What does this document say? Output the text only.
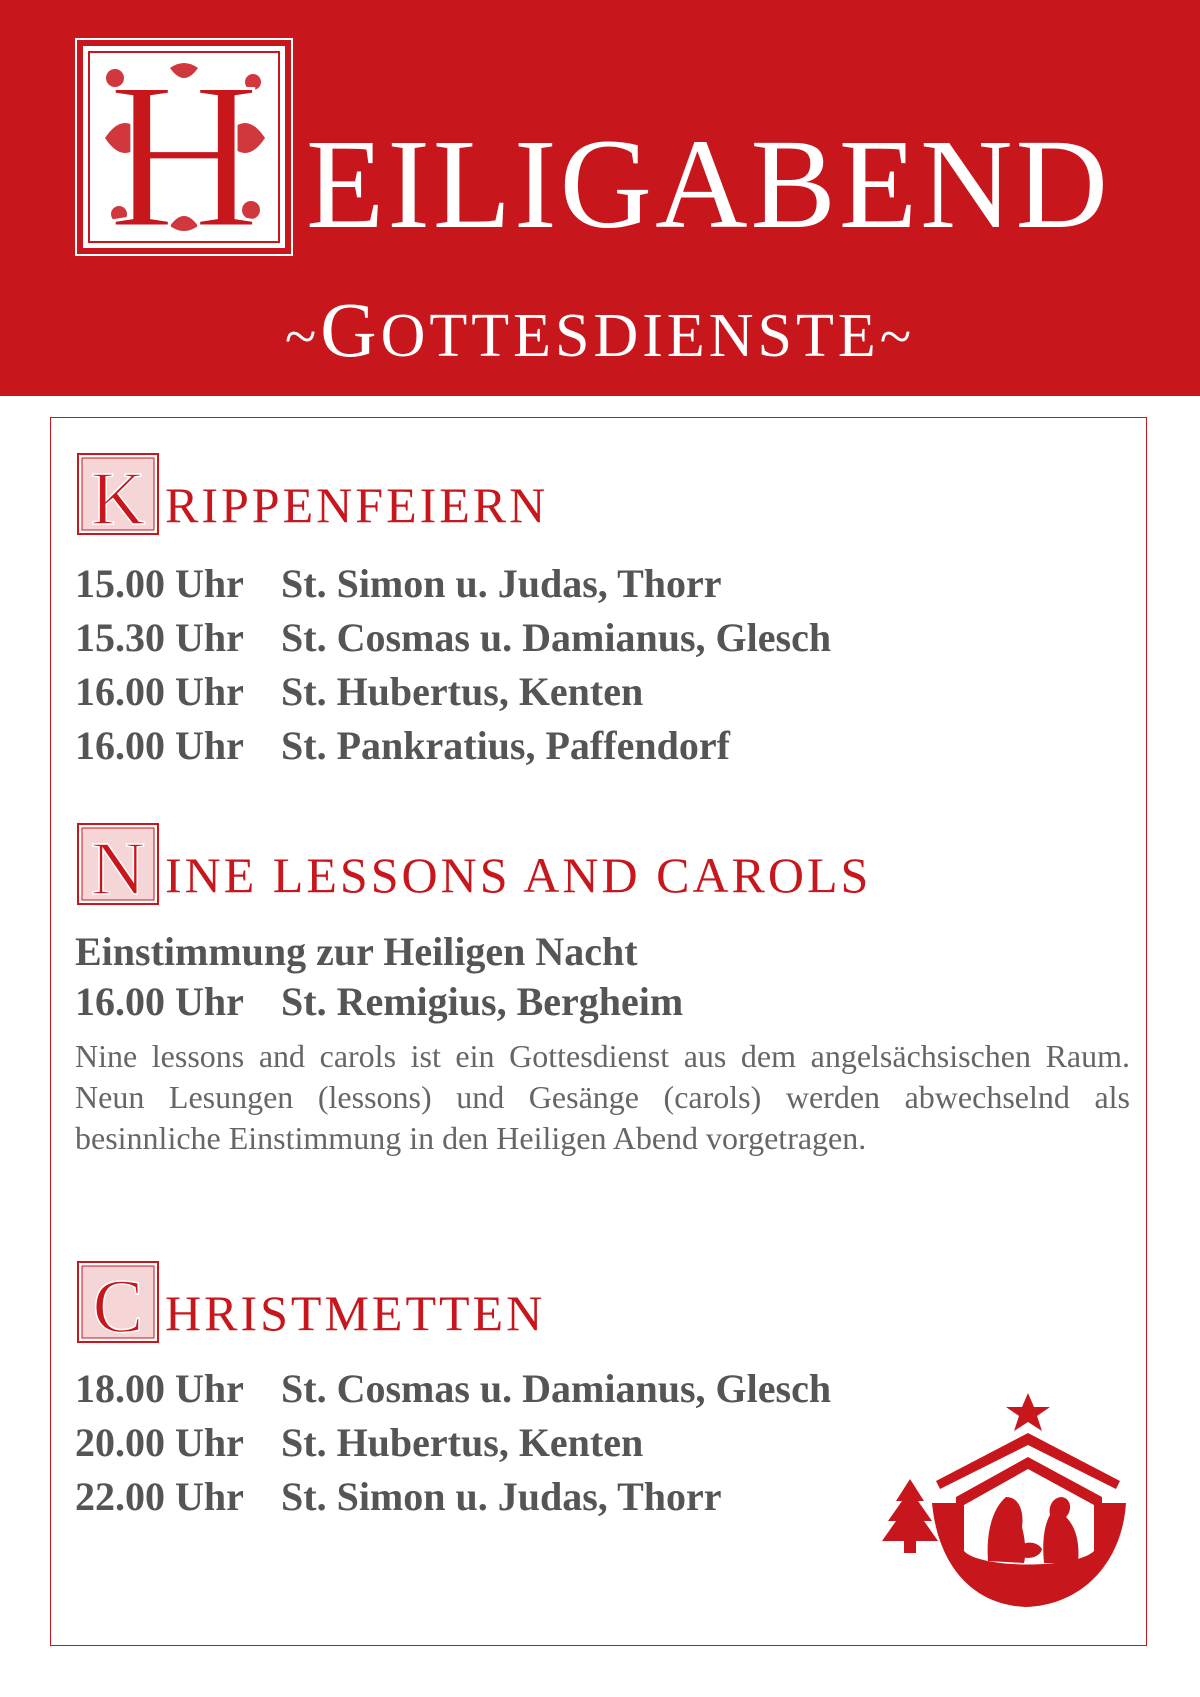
H EILIGABEND
~GOTTESDIENSTE~
K RIPPENFEIERN
15.00 Uhr St. Simon u. Judas, Thorr
15.30 Uhr St. Cosmas u. Damianus, Glesch
16.00 Uhr St. Hubertus, Kenten
16.00 Uhr St. Pankratius, Paffendorf
N INE LESSONS AND CAROLS
Einstimmung zur Heiligen Nacht
16.00 Uhr St. Remigius, Bergheim
Nine lessons and carols ist ein Gottesdienst aus dem angelsächsischen Raum. Neun Lesungen (lessons) und Gesänge (carols) werden abwechselnd als besinnliche Einstimmung in den Heiligen Abend vorgetragen.
C HRISTMETTEN
18.00 Uhr St. Cosmas u. Damianus, Glesch
20.00 Uhr St. Hubertus, Kenten
22.00 Uhr St. Simon u. Judas, Thorr
